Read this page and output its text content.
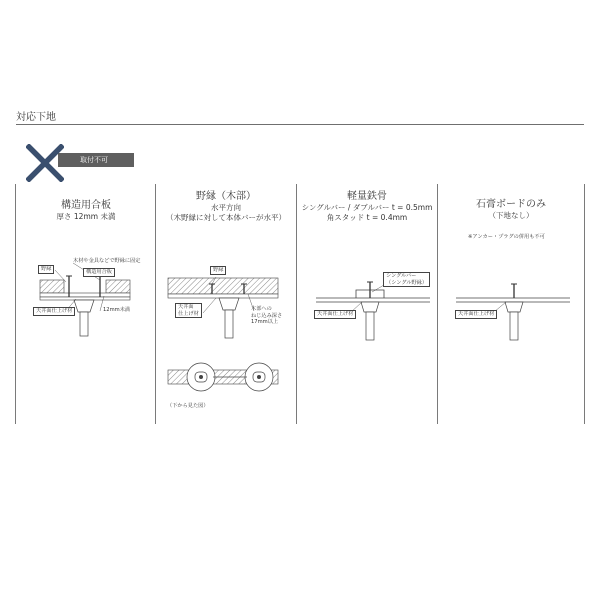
対応下地
取付不可
構造用合板
厚さ 12mm 未満
野縁
木材や金具などで野縁に固定
構造用合板
天井面仕上げ材	12mm未満
野縁（木部）
水平方向
（木野縁に対して本体バーが水平）
野縁
天井面
仕上げ材
木部への
ねじ込み深さ
17mm以上
（下から見た図）
軽量鉄骨
シングルバー / ダブルバー t = 0.5mm
角スタッド t = 0.4mm
シングルバー
（シングル野縁）
天井面仕上げ材
石膏ボードのみ
（下地なし）
※アンカー・プラグの併用も不可
天井面仕上げ材
